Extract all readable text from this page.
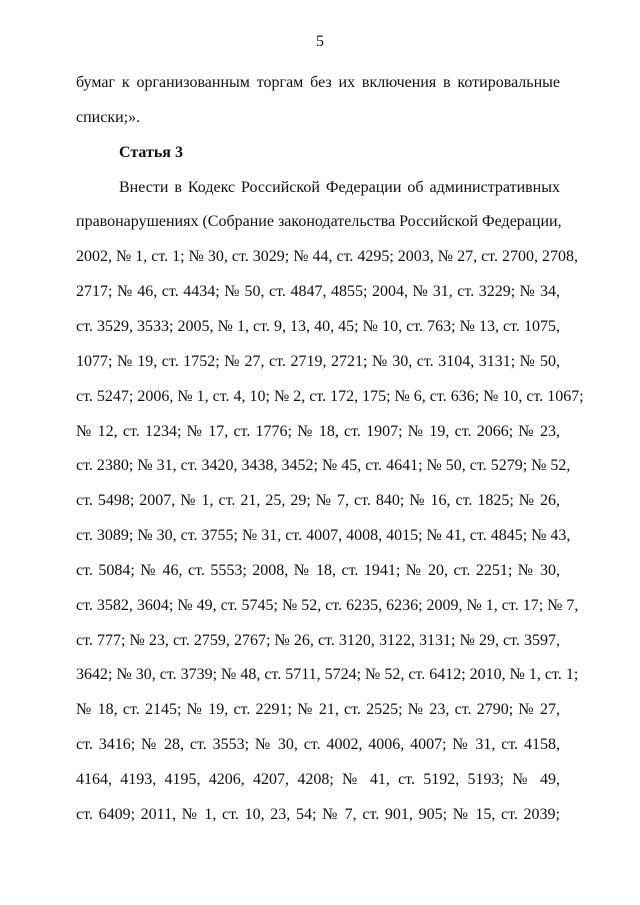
5
бумаг к организованным торгам без их включения в котировальные
списки;».
Статья 3
Внести в Кодекс Российской Федерации об административных
правонарушениях (Собрание законодательства Российской Федерации,
2002, № 1, ст. 1; № 30, ст. 3029; № 44, ст. 4295; 2003, № 27, ст. 2700, 2708,
2717; № 46, ст. 4434; № 50, ст. 4847, 4855; 2004, № 31, ст. 3229; № 34,
ст. 3529, 3533; 2005, № 1, ст. 9, 13, 40, 45; № 10, ст. 763; № 13, ст. 1075,
1077; № 19, ст. 1752; № 27, ст. 2719, 2721; № 30, ст. 3104, 3131; № 50,
ст. 5247; 2006, № 1, ст. 4, 10; № 2, ст. 172, 175; № 6, ст. 636; № 10, ст. 1067;
№ 12, ст. 1234; № 17, ст. 1776; № 18, ст. 1907; № 19, ст. 2066; № 23,
ст. 2380; № 31, ст. 3420, 3438, 3452; № 45, ст. 4641; № 50, ст. 5279; № 52,
ст. 5498; 2007, № 1, ст. 21, 25, 29; № 7, ст. 840; № 16, ст. 1825; № 26,
ст. 3089; № 30, ст. 3755; № 31, ст. 4007, 4008, 4015; № 41, ст. 4845; № 43,
ст. 5084; № 46, ст. 5553; 2008, № 18, ст. 1941; № 20, ст. 2251; № 30,
ст. 3582, 3604; № 49, ст. 5745; № 52, ст. 6235, 6236; 2009, № 1, ст. 17; № 7,
ст. 777; № 23, ст. 2759, 2767; № 26, ст. 3120, 3122, 3131; № 29, ст. 3597,
3642; № 30, ст. 3739; № 48, ст. 5711, 5724; № 52, ст. 6412; 2010, № 1, ст. 1;
№ 18, ст. 2145; № 19, ст. 2291; № 21, ст. 2525; № 23, ст. 2790; № 27,
ст. 3416; № 28, ст. 3553; № 30, ст. 4002, 4006, 4007; № 31, ст. 4158,
4164, 4193, 4195, 4206, 4207, 4208; № 41, ст. 5192, 5193; № 49,
ст. 6409; 2011, № 1, ст. 10, 23, 54; № 7, ст. 901, 905; № 15, ст. 2039;
